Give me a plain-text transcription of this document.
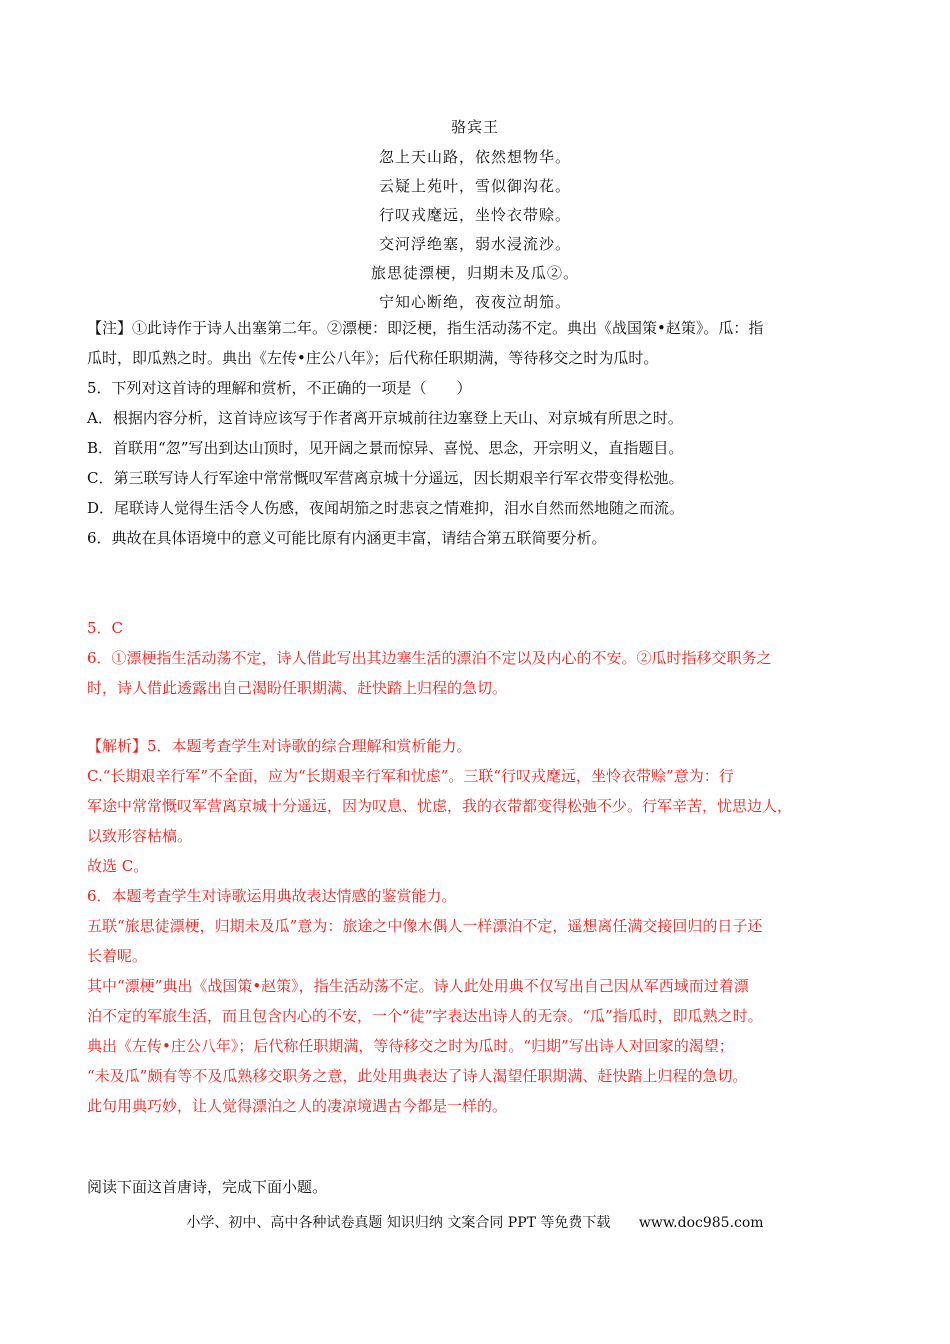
骆宾王
忽上天山路，依然想物华。
云疑上苑叶，雪似御沟花。
行叹戎麾远，坐怜衣带赊。
交河浮绝塞，弱水浸流沙。
旅思徒漂梗，归期未及瓜②。
宁知心断绝，夜夜泣胡笳。
【注】①此诗作于诗人出塞第二年。②漂梗：即泛梗，指生活动荡不定。典出《战国策•赵策》。瓜：指
瓜时，即瓜熟之时。典出《左传•庄公八年》；后代称任职期满，等待移交之时为瓜时。
5．下列对这首诗的理解和赏析，不正确的一项是（　　）
A．根据内容分析，这首诗应该写于作者离开京城前往边塞登上天山、对京城有所思之时。
B．首联用“忽”写出到达山顶时，见开阔之景而惊异、喜悦、思念，开宗明义，直指题目。
C．第三联写诗人行军途中常常慨叹军营离京城十分遥远，因长期艰辛行军衣带变得松弛。
D．尾联诗人觉得生活令人伤感，夜闻胡笳之时悲哀之情难抑，泪水自然而然地随之而流。
6．典故在具体语境中的意义可能比原有内涵更丰富，请结合第五联简要分析。
5．C
6．①漂梗指生活动荡不定，诗人借此写出其边塞生活的漂泊不定以及内心的不安。②瓜时指移交职务之
时，诗人借此透露出自己渴盼任职期满、赶快踏上归程的急切。
【解析】5．本题考查学生对诗歌的综合理解和赏析能力。
C.“长期艰辛行军”不全面，应为“长期艰辛行军和忧虑”。三联“行叹戎麾远，坐怜衣带赊”意为：行
军途中常常慨叹军营离京城十分遥远，因为叹息、忧虑，我的衣带都变得松弛不少。行军辛苦，忧思边人，
以致形容枯槁。
故选 C。
6．本题考查学生对诗歌运用典故表达情感的鉴赏能力。
五联“旅思徒漂梗，归期未及瓜”意为：旅途之中像木偶人一样漂泊不定，遥想离任满交接回归的日子还
长着呢。
其中“漂梗”典出《战国策•赵策》，指生活动荡不定。诗人此处用典不仅写出自己因从军西域而过着漂
泊不定的军旅生活，而且包含内心的不安，一个“徒”字表达出诗人的无奈。“瓜”指瓜时，即瓜熟之时。
典出《左传•庄公八年》；后代称任职期满，等待移交之时为瓜时。“归期”写出诗人对回家的渴望；
“未及瓜”颇有等不及瓜熟移交职务之意，此处用典表达了诗人渴望任职期满、赶快踏上归程的急切。
此句用典巧妙，让人觉得漂泊之人的凄凉境遇古今都是一样的。
阅读下面这首唐诗，完成下面小题。
小学、初中、高中各种试卷真题 知识归纳 文案合同 PPT 等免费下载 www.doc985.com
